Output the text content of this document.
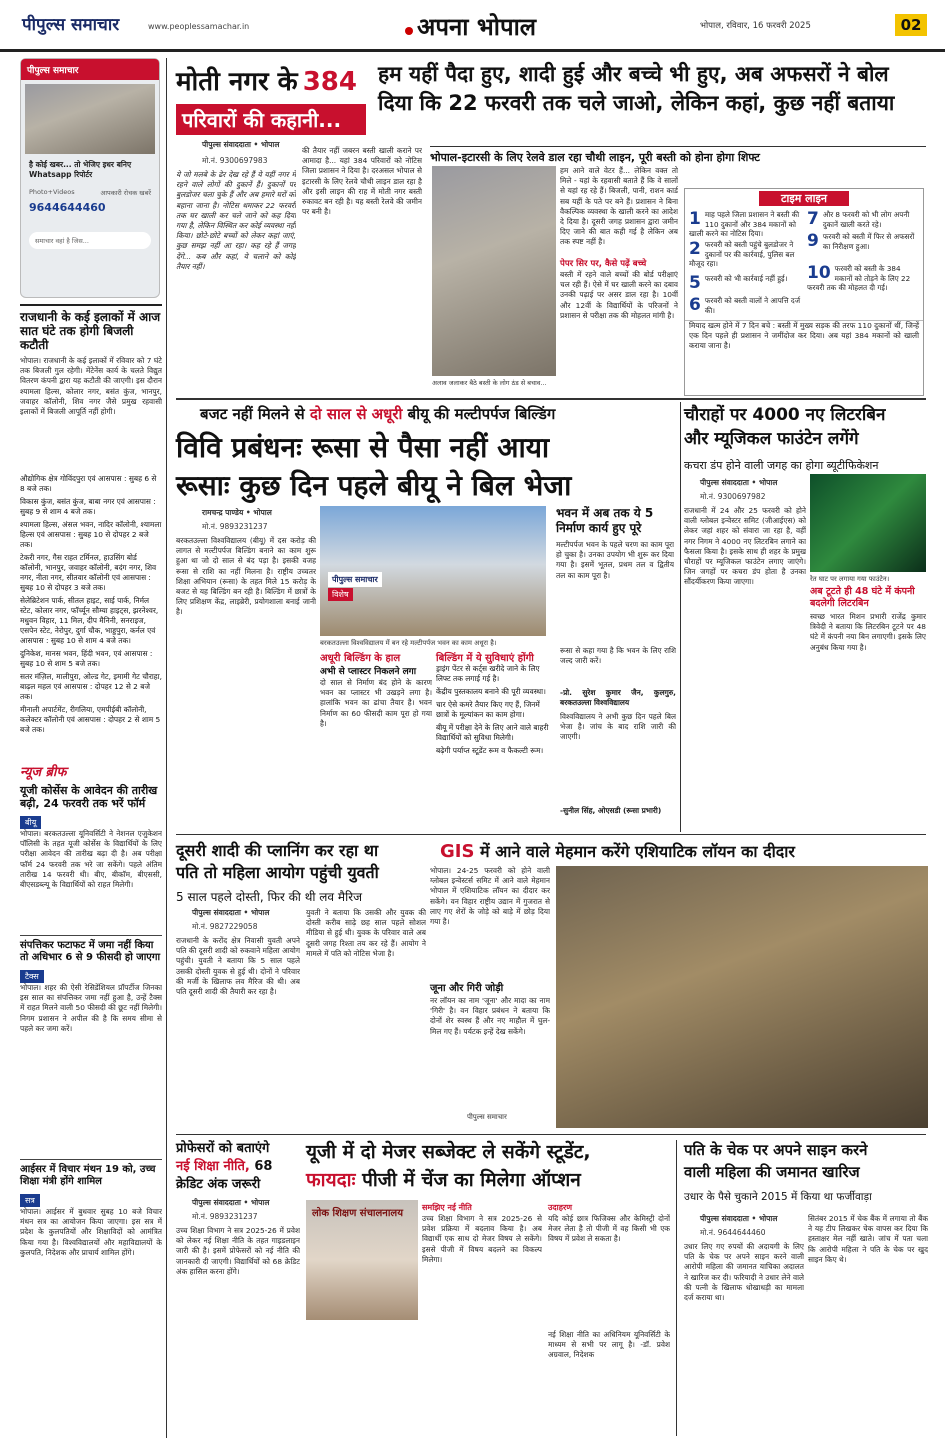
पीपुल्स समाचार	www.peoplessamachar.in	अपना भोपाल	भोपाल, रविवार, 16 फरवरी 2025	02
पीपुल्स समाचार
है कोई खबर... तो भेजिए इधर बनिए Whatsapp रिपोर्टर
Photo+Videos	आपकारी रोचक खबरें
9644644460
समाचार वहां है जिस...
राजधानी के कई इलाकों में आज सात घंटे तक होगी बिजली कटौती
भोपाल। राजधानी के कई इलाकों में रविवार को 7 घंटे तक बिजली गुल रहेगी। मेंटेनेंस कार्य के चलते विद्युत वितरण कंपनी द्वारा यह कटौती की जाएगी। इस दौरान श्यामला हिल्स, कोलार नगर, बसंत कुंज, भानपुर, जवाहर कॉलोनी, शिव नगर जैसे प्रमुख रहवासी इलाकों में बिजली आपूर्ति नहीं होगी।
औद्योगिक क्षेत्र गोविंदपुरा एवं आसपास : सुबह 6 से 8 बजे तक।
विकास कुंज, बसंत कुंज, बाबा नगर एवं आसपास : सुबह 9 से शाम 4 बजे तक।
श्यामला हिल्स, अंसल भवन, नादिर कॉलोनी, श्यामला हिल्स एवं आसपास : सुबह 10 से दोपहर 2 बजे तक।
टेकरी नगर, गैस राहत टर्मिनल, हाउसिंग बोर्ड कॉलोनी, भानपुर, जवाहर कॉलोनी, बदंग नगर, शिव नगर, नीता नगर, सीतवार कॉलोनी एवं आसपास : सुबह 10 से दोपहर 3 बजे तक।
सेलेब्रिटेशन पार्क, सीतल हाइट, साई पार्क, निर्मल स्टेट, कोलार नगर, फॉर्च्यून सौम्या हाइट्स, झरनेश्वर, मधुवन विहार, 11 मिल, दीप मैनिनी, सनराइज, एसपेन स्टेट, नेरोपुर, दुर्गा चौक, भाड्डपुरा, कर्नल एवं आसपास : सुबह 10 से शाम 4 बजे तक।
दुनिकेश, मानस भवन, हिंदी भवन, एवं आसपास : सुबह 10 से शाम 5 बजे तक।
सतर मंज़िल, मालीपुरा, ओल्ड गेट, इमामी गेट चौराहा, बाढ़ल महल एवं आसपास : दोपहर 12 से 2 बजे तक।
मीनाली अपार्टमेंट, रीगलिया, एमपीईबी कॉलोनी, कलेक्टर कॉलोनी एवं आसपास : दोपहर 2 से शाम 5 बजे तक।
न्यूज ब्रीफ
यूजी कोर्सेस के आवेदन की तारीख बढ़ी, 24 फरवरी तक भरें फॉर्म
बीयू
भोपाल। बरकतउल्ला यूनिवर्सिटी ने नेशनल एजुकेशन पॉलिसी के तहत यूजी कोर्सेस के विद्यार्थियों के लिए परीक्षा आवेदन की तारीख बढ़ा दी है। अब परीक्षा फॉर्म 24 फरवरी तक भरे जा सकेंगे। पहले अंतिम तारीख 14 फरवरी थी। बीए, बीकॉम, बीएससी, बीएसडब्ल्यू के विद्यार्थियों को राहत मिलेगी।
संपत्तिकर फटाफट में जमा नहीं किया तो अधिभार 6 से 9 फीसदी हो जाएगा
टैक्स
भोपाल। शहर की ऐसी रेसिडेंशियल प्रॉपर्टीज जिनका इस साल का संपत्तिकर जमा नहीं हुआ है, उन्हें टैक्स में राहत मिलने वाली 50 फीसदी की छूट नहीं मिलेगी। निगम प्रशासन ने अपील की है कि समय सीमा से पहले कर जमा करें।
आईसर में विचार मंथन 19 को, उच्च शिक्षा मंत्री होंगे शामिल
सत्र
भोपाल। आईसर में बुधवार सुबह 10 बजे विचार मंथन सत्र का आयोजन किया जाएगा। इस सत्र में प्रदेश के कुलपतियों और शिक्षाविदों को आमंत्रित किया गया है। विश्वविद्यालयों और महाविद्यालयों के कुलपति, निदेशक और प्राचार्य शामिल होंगे।
मोती नगर के 384
परिवारों की कहानी...
हम यहीं पैदा हुए, शादी हुई और बच्चे भी हुए, अब अफसरों ने बोल दिया कि 22 फरवरी तक चले जाओ, लेकिन कहां, कुछ नहीं बताया
भोपाल-इटारसी के लिए रेलवे डाल रहा चौथी लाइन, पूरी बस्ती को होना होगा शिफ्ट
पीपुल्स संवाददाता • भोपाल
मो.नं. 9300697983
ये जो मलबे के ढेर देख रहे हैं ये यहीं नगर में रहने वाले लोगों की दुकानें हैं। दुकानों पर बुलडोजर चला चुके हैं और अब हमारे घरों को बहाना जाना है। नोटिस थमाकर 22 फरवरी तक घर खाली कर चले जाने को कह दिया गया है, लेकिन विस्थित कर कोई व्यवस्था नहीं किया। छोटे-छोटे बच्चों को लेकर कहां जाएं, कुछ समझ नहीं आ रहा। कह रहे हैं जगह देंगे... कब और कहां, ये चलाने को कोई तैयार नहीं।
की तैयार नहीं जबरन बस्ती खाली कराने पर आमादा है... यहां 384 परिवारों को नोटिस जिला प्रशासन ने दिया है। दरअसल भोपाल से इटारसी के लिए रेलवे चौथी लाइन डाल रहा है और इसी लाइन की राह में मोती नगर बस्ती रुकावट बन रही है। यह बस्ती रेलवे की जमीन पर बनी है।
अलाव जलाकर बैठे बस्ती के लोग ठंड से बचाव...
हम आने वाले वेटर हैं... लेकिन वक्त तो मिले - यहां के रहवासी बताते हैं कि वे सालों से यहां रह रहे हैं। बिजली, पानी, राशन कार्ड सब यहीं के पते पर बने हैं। प्रशासन ने बिना वैकल्पिक व्यवस्था के खाली करने का आदेश दे दिया है। दूसरी जगह प्रशासन द्वारा जमीन दिए जाने की बात कही गई है लेकिन अब तक स्पष्ट नहीं है।
पेपर सिर पर, कैसे पढ़ें बच्चे
बस्ती में रहने वाले बच्चों की बोर्ड परीक्षाएं चल रही हैं। ऐसे में घर खाली करने का दबाव उनकी पढ़ाई पर असर डाल रहा है। 10वीं और 12वीं के विद्यार्थियों के परिजनों ने प्रशासन से परीक्षा तक की मोहलत मांगी है।
टाइम लाइन
1 माह पहले जिला प्रशासन ने बस्ती की 110 दुकानों और 384 मकानों को खाली करने का नोटिस दिया।
2 फरवरी को बस्ती पहुंचे बुलडोजर ने दुकानों पर की कार्रवाई, पुलिस बल मौजूद रहा।
5 फरवरी को भी कार्रवाई नहीं हुई।
6 फरवरी को बस्ती वालों ने आपत्ति दर्ज की।
7 और 8 फरवरी को भी लोग अपनी दुकानें खाली करते रहे।
9 फरवरी को बस्ती में फिर से अफसरों का निरीक्षण हुआ।
10 फरवरी को बस्ती के 384 मकानों को तोड़ने के लिए 22 फरवरी तक की मोहलत दी गई।
मियाद खत्म होने में 7 दिन बचे : बस्ती में मुख्य सड़क की तरफ 110 दुकानों थीं, जिन्हें एक दिन पहले ही प्रशासन ने जमींदोज कर दिया। अब यहां 384 मकानों को खाली कराया जाना है।
बजट नहीं मिलने से दो साल से अधूरी बीयू की मल्टीपर्पज बिल्डिंग
विवि प्रबंधनः रूसा से पैसा नहीं आया
रूसाः कुछ दिन पहले बीयू ने बिल भेजा
रामचन्द्र पाण्डेय • भोपाल
मो.नं. 9893231237
बरकतउल्ला विश्वविद्यालय (बीयू) में दस करोड़ की लागत से मल्टीपर्पज बिल्डिंग बनाने का काम शुरू हुआ था जो दो साल से बंद पड़ा है। इसकी वजह रूसा से राशि का नहीं मिलना है। राष्ट्रीय उच्चतर शिक्षा अभियान (रूसा) के तहत मिले 15 करोड़ के बजट से यह बिल्डिंग बन रही है। बिल्डिंग में छात्रों के लिए प्रशिक्षण केंद्र, लाइब्रेरी, प्रयोगशाला बनाई जानी है।
पीपुल्स समाचार
विशेष
बरकतउल्ला विश्वविद्यालय में बन रहे मल्टीपर्पज भवन का काम अधूरा है।
अधूरी बिल्डिंग के हाल
अभी से प्लास्टर निकलने लगा
दो साल से निर्माण बंद होने के कारण भवन का प्लास्टर भी उखड़ने लगा है। हालांकि भवन का ढांचा तैयार है। भवन निर्माण का 60 फीसदी काम पूरा हो गया है।
भवन में अब तक ये 5 निर्माण कार्य हुए पूरे
मल्टीपर्पज भवन के पहले चरण का काम पूरा हो चुका है। उनका उपयोग भी शुरू कर दिया गया है। इसमें भूतल, प्रथम तल व द्वितीय तल का काम पूरा है।
बिल्डिंग में ये सुविधाएं होंगी
ड्राइंग पेंटर से कर्ट्स खरीदे जाने के लिए लिफ्ट तक लगाई गई है।
केंद्रीय पुस्तकालय बनाने की पूरी व्यवस्था।
चार ऐसे कमरे तैयार किए गए हैं, जिनमें छात्रों के मूल्यांकन का काम होगा।
बीयू में परीक्षा देने के लिए आने वाले बाहरी विद्यार्थियों को सुविधा मिलेगी।
बढ़ेगी पर्याप्त स्टूडेंट रूम व फैकल्टी रूम।
रूसा से कहा गया है कि भवन के लिए राशि जल्द जारी करें।
-प्रो. सुरेश कुमार जैन, कुलगुरु, बरकतउल्ला विश्वविद्यालय
विश्वविद्यालय ने अभी कुछ दिन पहले बिल भेजा है। जांच के बाद राशि जारी की जाएगी।
-सुनील सिंह, ओएसडी (रूसा प्रभारी)
चौराहों पर 4000 नए लिटरबिन
और म्यूजिकल फाउंटेन लगेंगे
कचरा डंप होने वाली जगह का होगा ब्यूटीफिकेशन
पीपुल्स संवाददाता • भोपाल
मो.नं. 9300697982
राजधानी में 24 और 25 फरवरी को होने वाली ग्लोबल इन्वेस्टर समिट (जीआईएस) को लेकर जहां शहर को संवारा जा रहा है, वहीं नगर निगम ने 4000 नए लिटरबिन लगाने का फैसला किया है। इसके साथ ही शहर के प्रमुख चौराहों पर म्यूजिकल फाउंटेन लगाए जाएंगे। जिन जगहों पर कचरा डंप होता है उनका सौंदर्यीकरण किया जाएगा।	रेत घाट पर लगाया गया फाउंटेन।
अब टूटते ही 48 घंटे में कंपनी बदलेगी लिटरबिन
स्वच्छ भारत मिशन प्रभारी राजेंद्र कुमार त्रिवेदी ने बताया कि लिटरबिन टूटने पर 48 घंटे में कंपनी नया बिन लगाएगी। इसके लिए अनुबंध किया गया है।
दूसरी शादी की प्लानिंग कर रहा था
पति तो महिला आयोग पहुंची युवती
5 साल पहले दोस्ती, फिर की थी लव मैरिज
पीपुल्स संवाददाता • भोपाल
मो.नं. 9827229058
राजधानी के करोंद क्षेत्र निवासी युवती अपने पति की दूसरी शादी को रुकवाने महिला आयोग पहुंची। युवती ने बताया कि 5 साल पहले उसकी दोस्ती युवक से हुई थी। दोनों ने परिवार की मर्जी के खिलाफ लव मैरिज की थी। अब पति दूसरी शादी की तैयारी कर रहा है।
युवती ने बताया कि उसकी और युवक की दोस्ती करीब साढ़े छह साल पहले सोशल मीडिया से हुई थी। युवक के परिवार वाले अब दूसरी जगह रिश्ता तय कर रहे हैं। आयोग ने मामले में पति को नोटिस भेजा है।
GIS में आने वाले मेहमान करेंगे एशियाटिक लॉयन का दीदार
भोपाल। 24-25 फरवरी को होने वाली ग्लोबल इन्वेस्टर्स समिट में आने वाले मेहमान भोपाल में एशियाटिक लॉयन का दीदार कर सकेंगे। वन विहार राष्ट्रीय उद्यान में गुजरात से लाए गए शेरों के जोड़े को बाड़े में छोड़ दिया गया है।
जूना और गिरी जोड़ी
नर लॉयन का नाम 'जूना' और मादा का नाम 'गिरी' है। वन विहार प्रबंधन ने बताया कि दोनों शेर स्वस्थ हैं और नए माहौल में घुल-मिल गए हैं। पर्यटक इन्हें देख सकेंगे।
पीपुल्स समाचार
प्रोफेसरों को बताएंगे
नई शिक्षा नीति, 68
क्रेडिट अंक जरूरी
पीपुल्स संवाददाता • भोपाल
मो.नं. 9893231237
उच्च शिक्षा विभाग ने सत्र 2025-26 में प्रवेश को लेकर नई शिक्षा नीति के तहत गाइडलाइन जारी की है। इसमें प्रोफेसरों को नई नीति की जानकारी दी जाएगी। विद्यार्थियों को 68 क्रेडिट अंक हासिल करना होंगे।
यूजी में दो मेजर सब्जेक्ट ले सकेंगे स्टूडेंट,
फायदाः पीजी में चेंज का मिलेगा ऑप्शन
लोक शिक्षण संचालनालय
समझिए नई नीति
उच्च शिक्षा विभाग ने सत्र 2025-26 से प्रवेश प्रक्रिया में बदलाव किया है। अब विद्यार्थी एक साथ दो मेजर विषय ले सकेंगे। इससे पीजी में विषय बदलने का विकल्प मिलेगा।
उदाहरण
यदि कोई छात्र फिजिक्स और केमिस्ट्री दोनों मेजर लेता है तो पीजी में वह किसी भी एक विषय में प्रवेश ले सकता है।
नई शिक्षा नीति का अधिनियम यूनिवर्सिटी के माध्यम से सभी पर लागू है। -डॉ. प्रवेश अग्रवाल, निदेशक
पति के चेक पर अपने साइन करने
वाली महिला की जमानत खारिज
उधार के पैसे चुकाने 2015 में किया था फर्जीवाड़ा
पीपुल्स संवाददाता • भोपाल
मो.नं. 9644644460
उधार लिए गए रुपयों की अदायगी के लिए पति के चेक पर अपने साइन करने वाली आरोपी महिला की जमानत याचिका अदालत ने खारिज कर दी। फरियादी ने उधार लेने वाले की पत्नी के खिलाफ धोखाधड़ी का मामला दर्ज कराया था।
सितंबर 2015 में चेक बैंक में लगाया तो बैंक ने यह टीप लिखकर चेक वापस कर दिया कि हस्ताक्षर मेल नहीं खाते। जांच में पता चला कि आरोपी महिला ने पति के चेक पर खुद साइन किए थे।
